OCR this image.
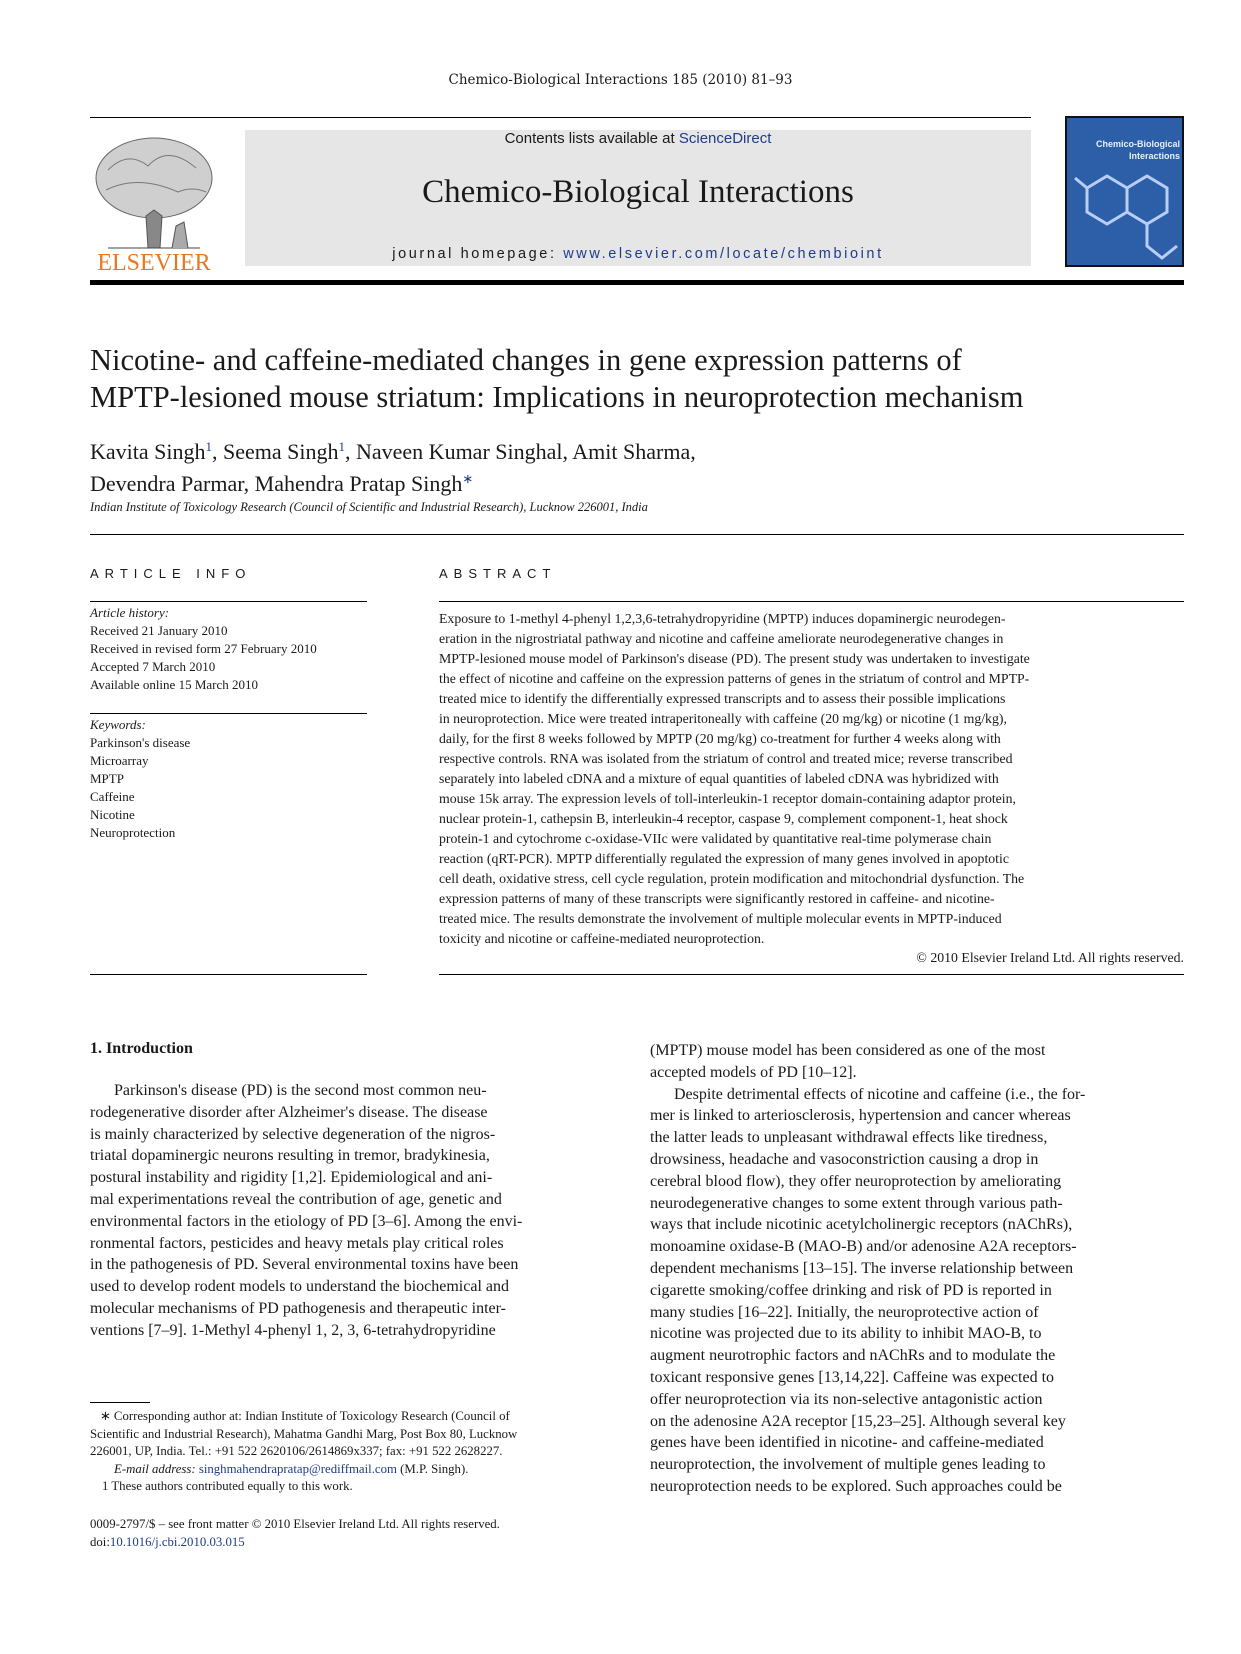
Chemico-Biological Interactions 185 (2010) 81–93
ELSEVIER
Contents lists available at ScienceDirect
Chemico-Biological Interactions
journal homepage: www.elsevier.com/locate/chembioint
Chemico-Biological Interactions
Nicotine- and caffeine-mediated changes in gene expression patterns of
MPTP-lesioned mouse striatum: Implications in neuroprotection mechanism
Kavita Singh$^1$, Seema Singh$^1$, Naveen Kumar Singhal, Amit Sharma,
Devendra Parmar, Mahendra Pratap Singh∗
Indian Institute of Toxicology Research (Council of Scientific and Industrial Research), Lucknow 226001, India
ARTICLE INFO
Article history:
Received 21 January 2010
Received in revised form 27 February 2010
Accepted 7 March 2010
Available online 15 March 2010
Keywords:
Parkinson's disease
Microarray
MPTP
Caffeine
Nicotine
Neuroprotection
ABSTRACT
Exposure to 1-methyl 4-phenyl 1,2,3,6-tetrahydropyridine (MPTP) induces dopaminergic neurodegen-
eration in the nigrostriatal pathway and nicotine and caffeine ameliorate neurodegenerative changes in
MPTP-lesioned mouse model of Parkinson's disease (PD). The present study was undertaken to investigate
the effect of nicotine and caffeine on the expression patterns of genes in the striatum of control and MPTP-
treated mice to identify the differentially expressed transcripts and to assess their possible implications
in neuroprotection. Mice were treated intraperitoneally with caffeine (20 mg/kg) or nicotine (1 mg/kg),
daily, for the first 8 weeks followed by MPTP (20 mg/kg) co-treatment for further 4 weeks along with
respective controls. RNA was isolated from the striatum of control and treated mice; reverse transcribed
separately into labeled cDNA and a mixture of equal quantities of labeled cDNA was hybridized with
mouse 15k array. The expression levels of toll-interleukin-1 receptor domain-containing adaptor protein,
nuclear protein-1, cathepsin B, interleukin-4 receptor, caspase 9, complement component-1, heat shock
protein-1 and cytochrome c-oxidase-VIIc were validated by quantitative real-time polymerase chain
reaction (qRT-PCR). MPTP differentially regulated the expression of many genes involved in apoptotic
cell death, oxidative stress, cell cycle regulation, protein modification and mitochondrial dysfunction. The
expression patterns of many of these transcripts were significantly restored in caffeine- and nicotine-
treated mice. The results demonstrate the involvement of multiple molecular events in MPTP-induced
toxicity and nicotine or caffeine-mediated neuroprotection.
© 2010 Elsevier Ireland Ltd. All rights reserved.
1. Introduction
Parkinson's disease (PD) is the second most common neu-
rodegenerative disorder after Alzheimer's disease. The disease
is mainly characterized by selective degeneration of the nigros-
triatal dopaminergic neurons resulting in tremor, bradykinesia,
postural instability and rigidity [1,2]. Epidemiological and ani-
mal experimentations reveal the contribution of age, genetic and
environmental factors in the etiology of PD [3–6]. Among the envi-
ronmental factors, pesticides and heavy metals play critical roles
in the pathogenesis of PD. Several environmental toxins have been
used to develop rodent models to understand the biochemical and
molecular mechanisms of PD pathogenesis and therapeutic inter-
ventions [7–9]. 1-Methyl 4-phenyl 1, 2, 3, 6-tetrahydropyridine
(MPTP) mouse model has been considered as one of the most
accepted models of PD [10–12].
Despite detrimental effects of nicotine and caffeine (i.e., the for-
mer is linked to arteriosclerosis, hypertension and cancer whereas
the latter leads to unpleasant withdrawal effects like tiredness,
drowsiness, headache and vasoconstriction causing a drop in
cerebral blood flow), they offer neuroprotection by ameliorating
neurodegenerative changes to some extent through various path-
ways that include nicotinic acetylcholinergic receptors (nAChRs),
monoamine oxidase-B (MAO-B) and/or adenosine A2A receptors-
dependent mechanisms [13–15]. The inverse relationship between
cigarette smoking/coffee drinking and risk of PD is reported in
many studies [16–22]. Initially, the neuroprotective action of
nicotine was projected due to its ability to inhibit MAO-B, to
augment neurotrophic factors and nAChRs and to modulate the
toxicant responsive genes [13,14,22]. Caffeine was expected to
offer neuroprotection via its non-selective antagonistic action
on the adenosine A2A receptor [15,23–25]. Although several key
genes have been identified in nicotine- and caffeine-mediated
neuroprotection, the involvement of multiple genes leading to
neuroprotection needs to be explored. Such approaches could be
∗ Corresponding author at: Indian Institute of Toxicology Research (Council of
Scientific and Industrial Research), Mahatma Gandhi Marg, Post Box 80, Lucknow
226001, UP, India. Tel.: +91 522 2620106/2614869x337; fax: +91 522 2628227.
E-mail address: singhmahendrapratap@rediffmail.com (M.P. Singh).
1 These authors contributed equally to this work.
0009-2797/$ – see front matter © 2010 Elsevier Ireland Ltd. All rights reserved.
doi:10.1016/j.cbi.2010.03.015
